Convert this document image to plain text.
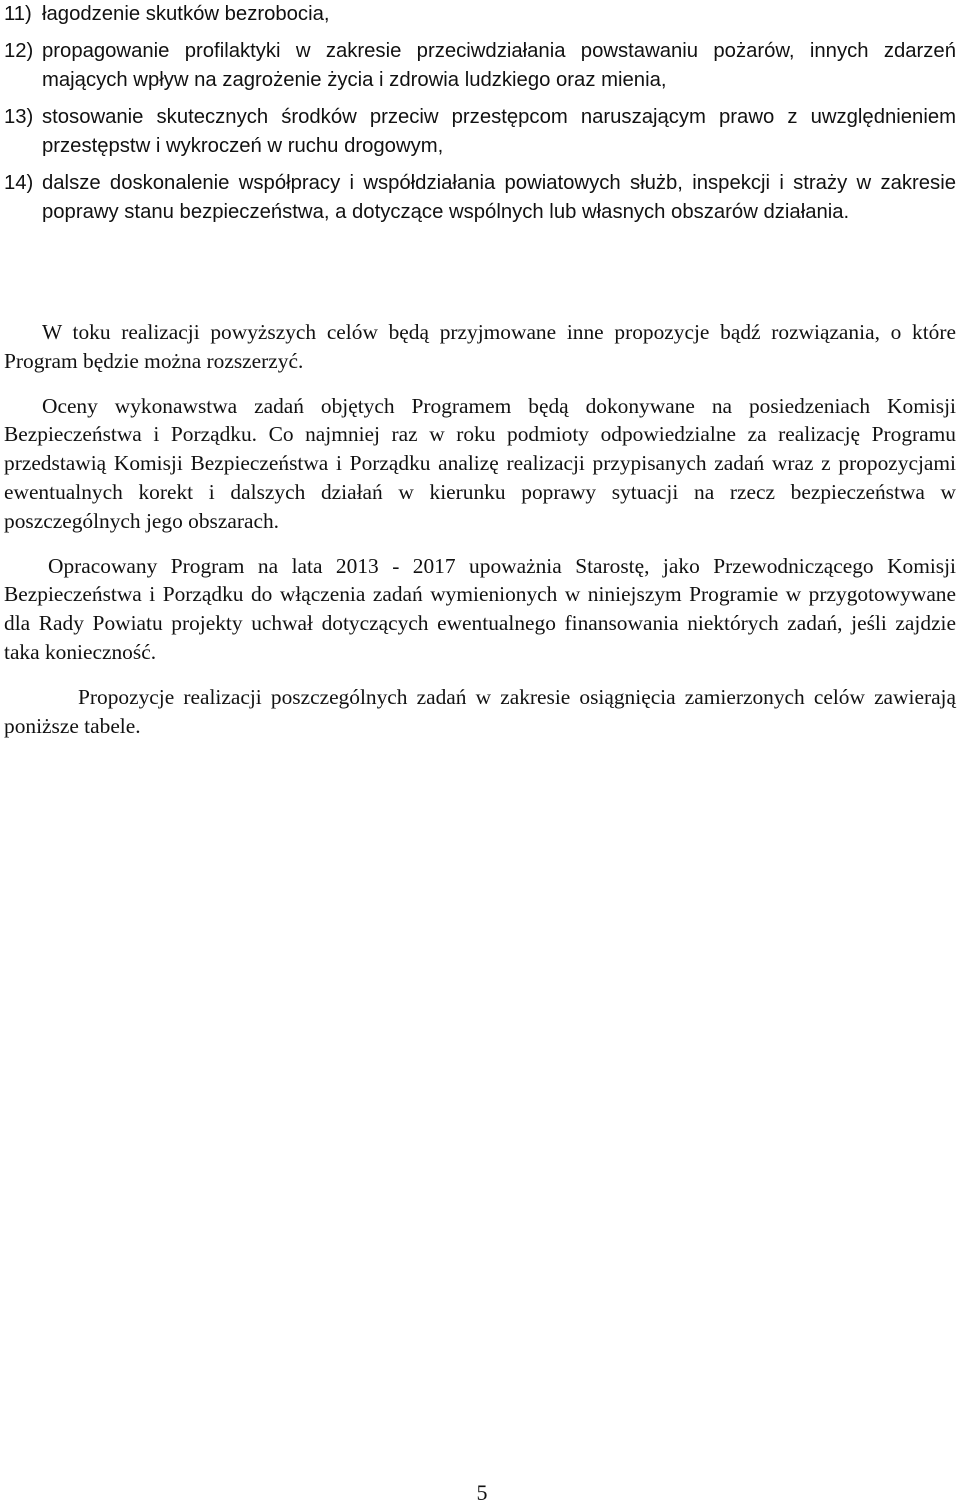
11) łagodzenie skutków bezrobocia,
12) propagowanie profilaktyki w zakresie przeciwdziałania powstawaniu pożarów, innych zdarzeń mających wpływ na zagrożenie życia i zdrowia ludzkiego oraz mienia,
13) stosowanie skutecznych środków przeciw przestępcom naruszającym prawo z uwzględnieniem przestępstw i wykroczeń w ruchu drogowym,
14) dalsze doskonalenie współpracy i współdziałania powiatowych służb, inspekcji i straży w zakresie poprawy stanu bezpieczeństwa, a dotyczące wspólnych lub własnych obszarów działania.

W toku realizacji powyższych celów będą przyjmowane inne propozycje bądź rozwiązania, o które Program będzie można rozszerzyć.

Oceny wykonawstwa zadań objętych Programem będą dokonywane na posiedzeniach Komisji Bezpieczeństwa i Porządku. Co najmniej raz w roku podmioty odpowiedzialne za realizację Programu przedstawią Komisji Bezpieczeństwa i Porządku analizę realizacji przypisanych zadań wraz z propozycjami ewentualnych korekt i dalszych działań w kierunku poprawy sytuacji na rzecz bezpieczeństwa w poszczególnych jego obszarach.

Opracowany Program na lata 2013 - 2017 upoważnia Starostę, jako Przewodniczącego Komisji Bezpieczeństwa i Porządku do włączenia zadań wymienionych w niniejszym Programie w przygotowywane dla Rady Powiatu projekty uchwał dotyczących ewentualnego finansowania niektórych zadań, jeśli zajdzie taka konieczność.

Propozycje realizacji poszczególnych zadań w zakresie osiągnięcia zamierzonych celów zawierają poniższe tabele.

5
